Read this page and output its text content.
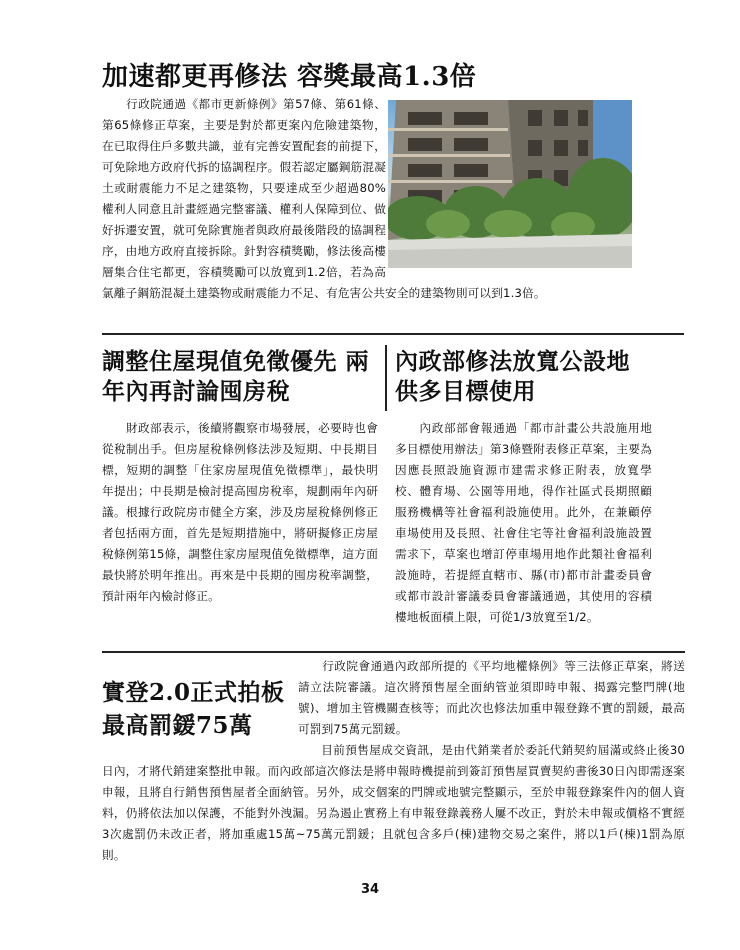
加速都更再修法 容獎最高1.3倍
　　行政院通過《都市更新條例》第57條、第61條、第65條修正草案，主要是對於都更案內危險建築物，在已取得住戶多數共識，並有完善安置配套的前提下，可免除地方政府代拆的協調程序。假若認定屬鋼筋混凝土或耐震能力不足之建築物，只要達成至少超過80%權利人同意且計畫經過完整審議、權利人保障到位、做好拆遷安置，就可免除實施者與政府最後階段的協調程序，由地方政府直接拆除。針對容積獎勵，修法後高樓層集合住宅都更，容積獎勵可以放寬到1.2倍，若為高氯離子鋼筋混凝土建築物或耐震能力不足、有危害公共安全的建築物則可以到1.3倍。
調整住屋現值免徵優先 兩年內再討論囤房稅
　　財政部表示，後續將觀察市場發展，必要時也會從稅制出手。但房屋稅條例修法涉及短期、中長期目標，短期的調整「住家房屋現值免徵標準」，最快明年提出；中長期是檢討提高囤房稅率，規劃兩年內研議。根據行政院房市健全方案，涉及房屋稅條例修正者包括兩方面，首先是短期措施中，將研擬修正房屋稅條例第15條，調整住家房屋現值免徵標準，這方面最快將於明年推出。再來是中長期的囤房稅率調整，預計兩年內檢討修正。
內政部修法放寬公設地供多目標使用
　　內政部部會報通過「都市計畫公共設施用地多目標使用辦法」第3條暨附表修正草案，主要為因應長照設施資源市建需求修正附表，放寬學校、體育場、公園等用地，得作社區式長期照顧服務機構等社會福利設施使用。此外，在兼顧停車場使用及長照、社會住宅等社會福利設施設置需求下，草案也增訂停車場用地作此類社會福利設施時，若提經直轄市、縣(市)都市計畫委員會或都市設計審議委員會審議通過，其使用的容積樓地板面積上限，可從1/3放寬至1/2。
　　行政院會通過內政部所提的《平均地權條例》等三法修正草案，將送請立法院審議。這次將預售屋全面納管並須即時申報、揭露完整門牌(地號)、增加主管機關查核等；而此次也修法加重申報登錄不實的罰鍰，最高可罰到75萬元罰鍰。
目前預售屋成交資訊，是由代銷業者於委託代銷契約屆滿或終止後30日內，才將代銷建案整批申報。而內政部這次修法是將申報時機提前到簽訂預售屋買賣契約書後30日內即需逐案申報，且將自行銷售預售屋者全面納管。另外，成交個案的門牌或地號完整顯示，至於申報登錄案件內的個人資料，仍將依法加以保護，不能對外洩漏。另為遏止實務上有申報登錄義務人屢不改正，對於未申報或價格不實經3次處罰仍未改正者，將加重處15萬~75萬元罰鍰；且就包含多戶(棟)建物交易之案件，將以1戶(棟)1罰為原則。
實登2.0正式拍板 最高罰鍰75萬
34
